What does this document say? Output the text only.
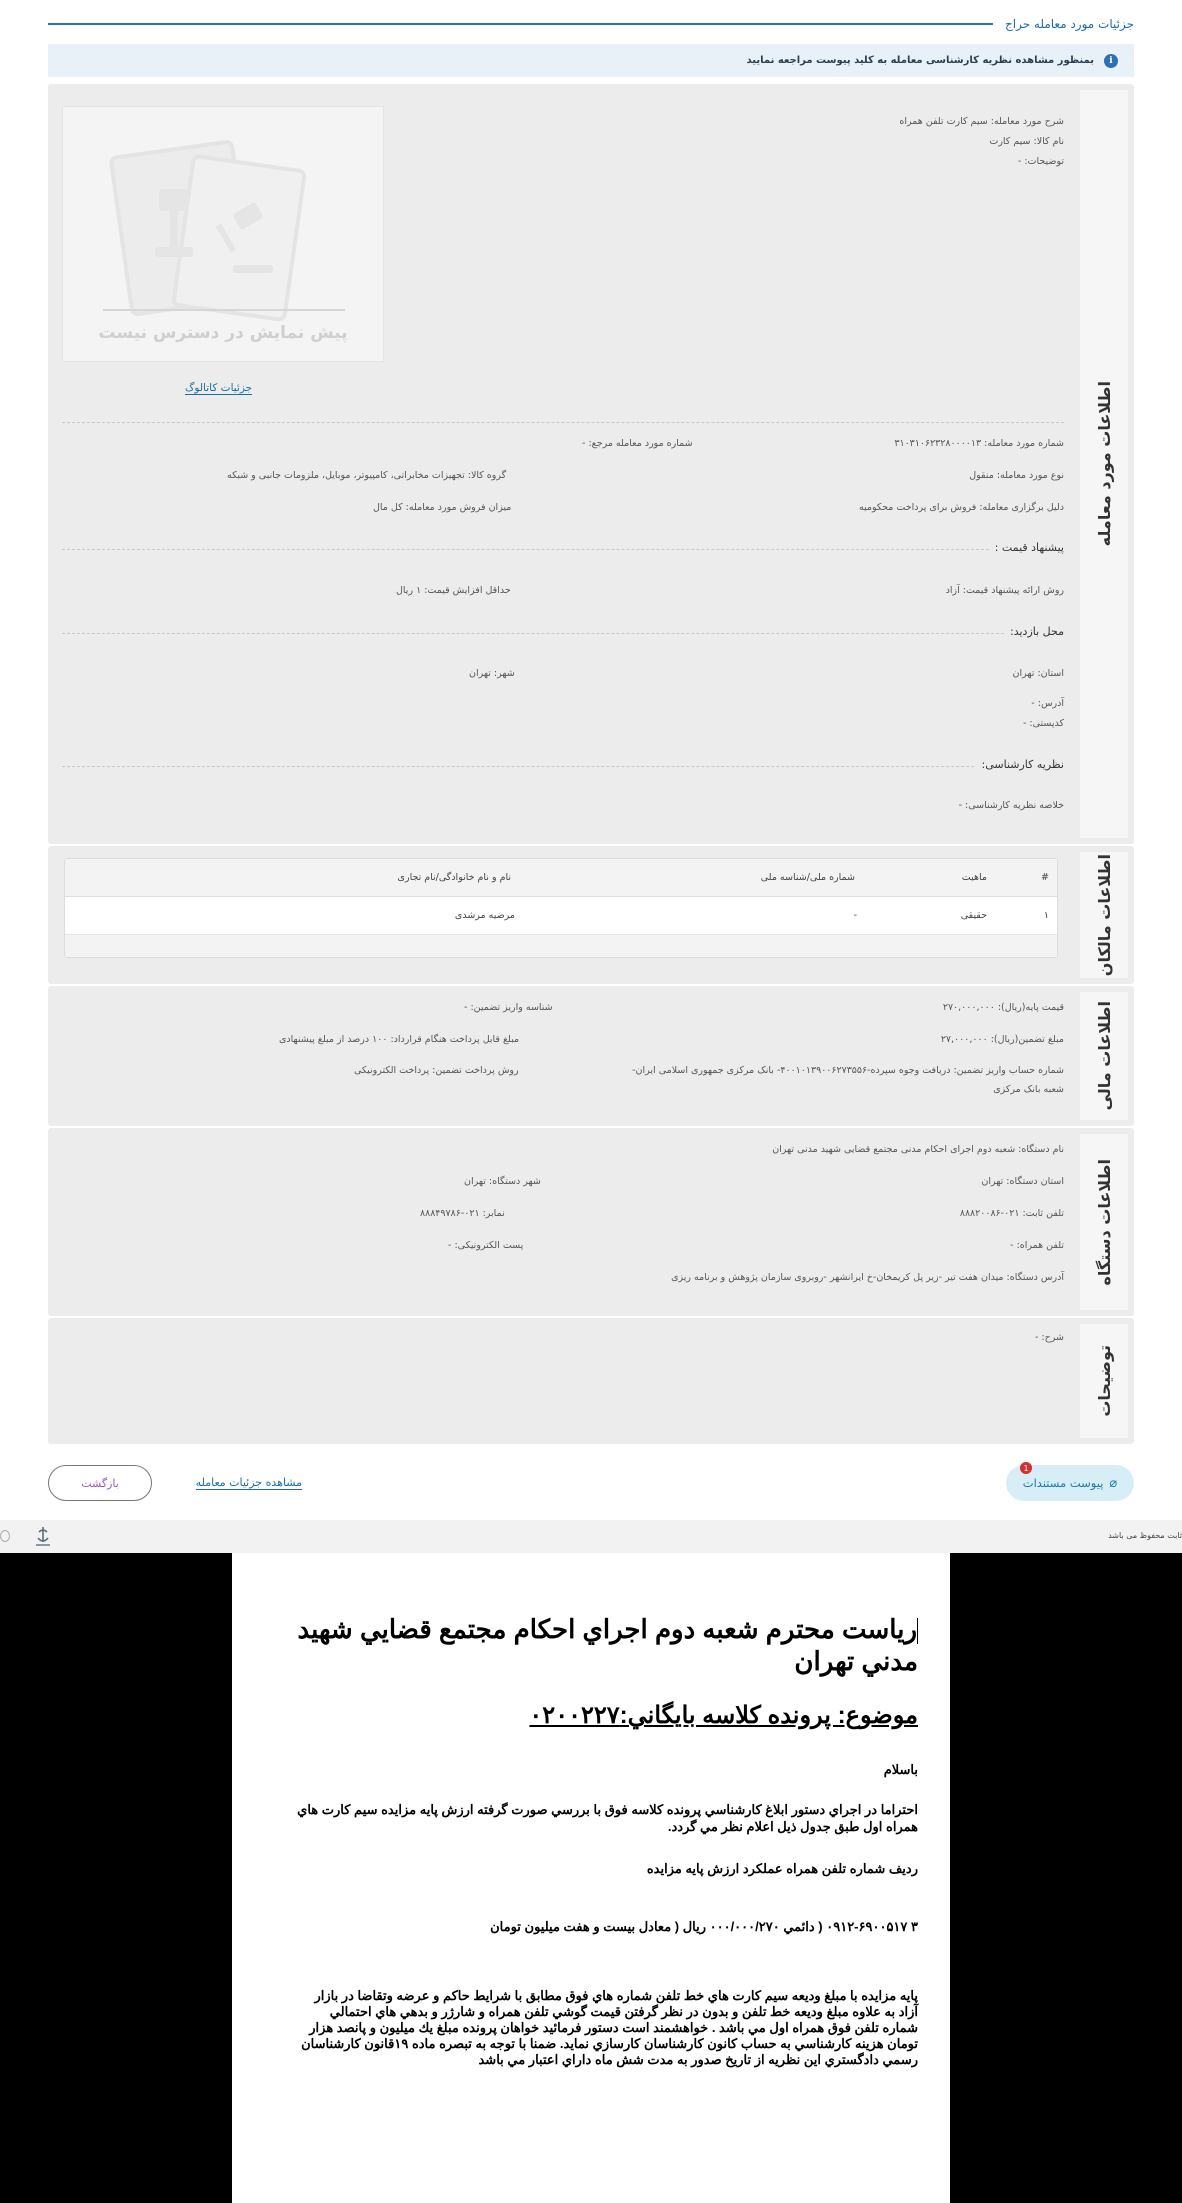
جزئیات مورد معامله حراج
i
بمنظور مشاهده نظریه کارشناسی معامله به کلید پیوست مراجعه نمایید
اطلاعات مورد معامله
شرح مورد معامله: سیم کارت تلفن همراه
نام کالا: سیم کارت
توضیحات: -
پیش نمایش در دسترس نیست
جزئیات کاتالوگ
شماره مورد معامله: ۳۱۰۳۱۰۶۲۳۲۸۰۰۰۰۱۳
شماره مورد معامله مرجع: -
نوع مورد معامله: منقول
گروه کالا: تجهیزات مخابراتی، کامپیوتر، موبایل، ملزومات جانبی و شبکه
دلیل برگزاری معامله: فروش برای پرداخت محکومیه
میزان فروش مورد معامله: کل مال
پیشنهاد قیمت :
روش ارائه پیشنهاد قیمت: آزاد
حداقل افزایش قیمت: ۱ ریال
محل بازدید:
استان: تهران
شهر: تهران
آدرس: -
کدپستی: -
نظریه کارشناسی:
خلاصه نظریه کارشناسی: -
اطلاعات مالکان
#
ماهیت
شماره ملی/شناسه ملی
نام و نام خانوادگی/نام تجاری
۱
حقیقی
-
مرضیه مرشدی
اطلاعات مالی
قیمت پایه(ریال): ۲۷۰,۰۰۰,۰۰۰
شناسه واریز تضمین: -
مبلغ تضمین(ریال): ۲۷,۰۰۰,۰۰۰
مبلغ قابل پرداخت هنگام قرارداد: ۱۰۰ درصد از مبلغ پیشنهادی
شماره حساب واریز تضمین: دریافت وجوه سپرده-۴۰۰۱۰۱۳۹۰۰۶۲۷۳۵۵۶- بانک مرکزی جمهوری اسلامی ایران-
شعبه بانک مرکزی
روش پرداخت تضمین: پرداخت الکترونیکی
اطلاعات دستگاه
نام دستگاه: شعبه دوم اجرای احکام مدنی مجتمع قضایی شهید مدنی تهران
استان دستگاه: تهران
شهر دستگاه: تهران
تلفن ثابت: ۰۲۱-۸۸۸۲۰۰۸۶
نمابر: ۰۲۱-۸۸۸۴۹۷۸۶
تلفن همراه: -
پست الکترونیکی: -
آدرس دستگاه: میدان هفت تیر -زیر پل کریمخان-خ ایرانشهر -روبروی سازمان پژوهش و برنامه ریزی
توضیحات
شرح: -
⌀
پیوست مستندات
1
مشاهده جزئیات معامله
بازگشت
ثابت محفوظ می باشد
رياست محترم شعبه دوم اجراي احكام مجتمع قضايي شهيد مدني تهران
موضوع: پرونده كلاسه بايگاني:۰۲۰۰۲۲۷
باسلام
احتراما در اجراي دستور ابلاغ كارشناسي پرونده كلاسه فوق با بررسي صورت گرفته ارزش پايه مزايده سيم كارت هاي همراه اول طبق جدول ذيل اعلام نظر مي گردد.
رديف شماره تلفن همراه عملكرد ارزش پايه مزايده
۳ ۰۹۱۲-۶۹۰۰۵۱۷ ( دائمي ۰۰۰/۰۰۰/۲۷۰ ريال ( معادل بيست و هفت ميليون تومان
پايه مزايده با مبلغ وديعه سيم كارت هاي خط تلفن شماره هاي فوق مطابق با شرايط حاكم و عرضه وتقاضا در بازار آزاد به علاوه مبلغ وديعه خط تلفن و بدون در نظر گرفتن قيمت گوشي تلفن همراه و شارژر و بدهي هاي احتمالي شماره تلفن فوق همراه اول مي باشد . خواهشمند است دستور فرمائيد خواهان پرونده مبلغ يك ميليون و پانصد هزار تومان هزينه كارشناسي به حساب كانون كارشناسان كارسازي نمايد. ضمنا با توجه به تبصره ماده ۱۹قانون كارشناسان رسمي دادگستري اين نظريه از تاريخ صدور به مدت شش ماه داراي اعتبار مي باشد
